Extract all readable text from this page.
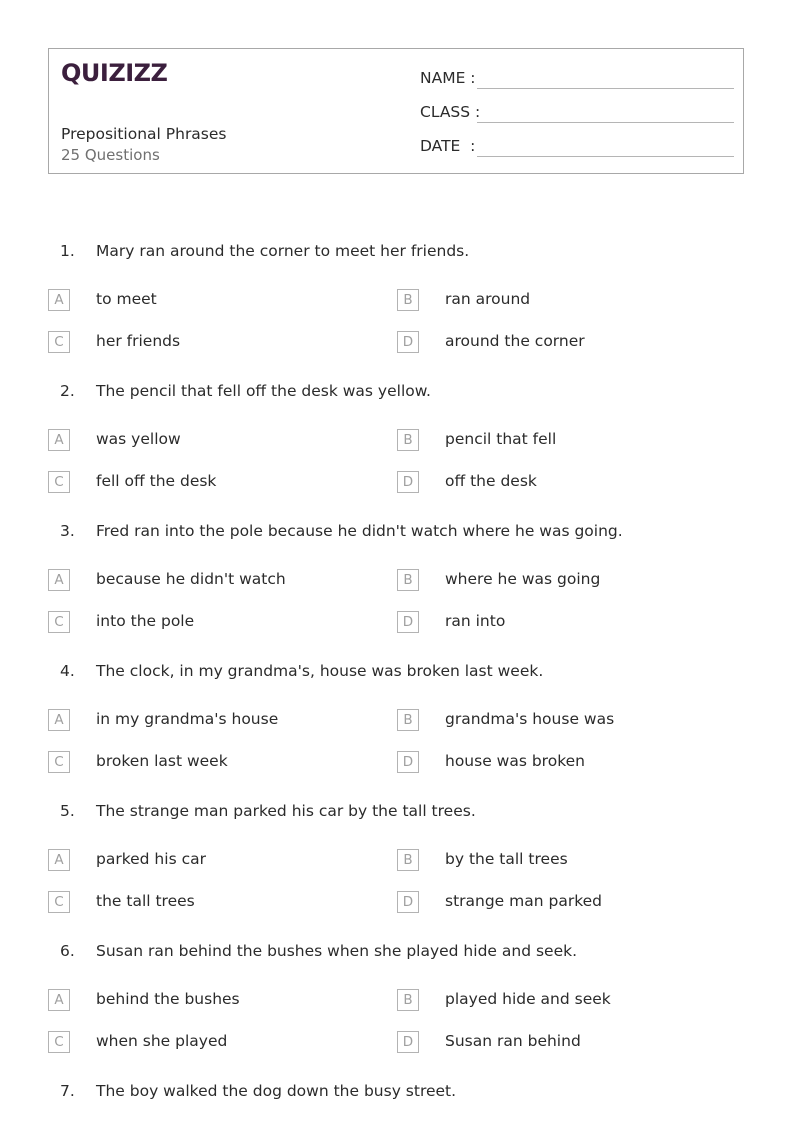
QUIZIZZ
Prepositional Phrases
25 Questions
NAME :
CLASS :
DATE  :
1. Mary ran around the corner to meet her friends.
A	to meet	B	ran around
C	her friends	D	around the corner
2. The pencil that fell off the desk was yellow.
A	was yellow	B	pencil that fell
C	fell off the desk	D	off the desk
3. Fred ran into the pole because he didn't watch where he was going.
A	because he didn't watch	B	where he was going
C	into the pole	D	ran into
4. The clock, in my grandma's, house was broken last week.
A	in my grandma's house	B	grandma's house was
C	broken last week	D	house was broken
5. The strange man parked his car by the tall trees.
A	parked his car	B	by the tall trees
C	the tall trees	D	strange man parked
6. Susan ran behind the bushes when she played hide and seek.
A	behind the bushes	B	played hide and seek
C	when she played	D	Susan ran behind
7. The boy walked the dog down the busy street.
